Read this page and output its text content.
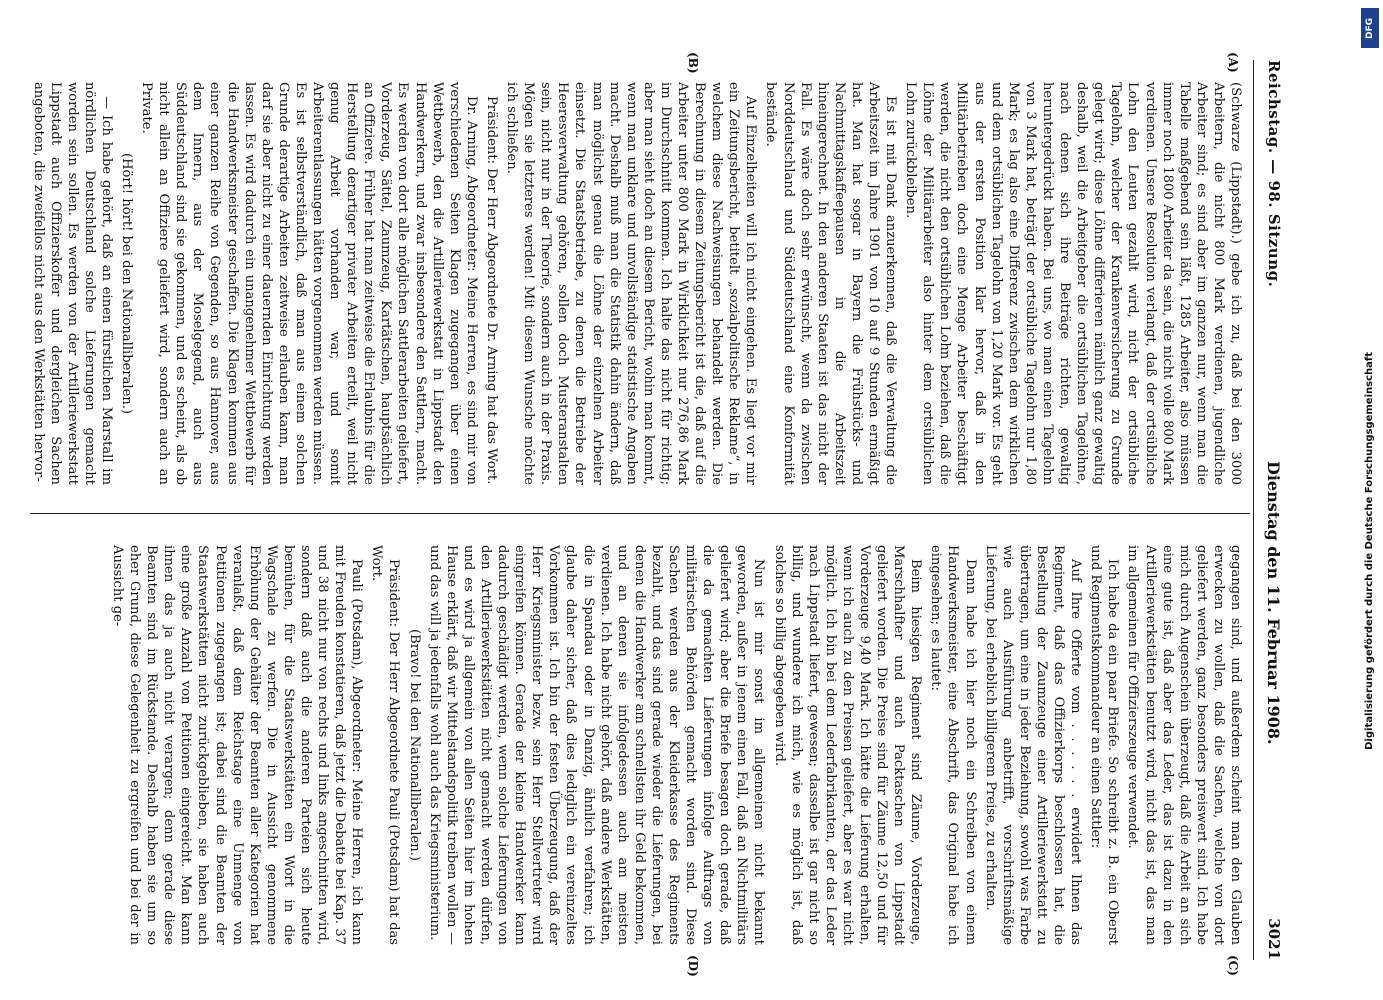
Reichstag. — 98. Sitzung.
Dienstag den 11. Februar 1908.
3021
(A)
(B)
(C)
(D)

(Schwarze (Lippstadt).) gebe ich zu, daß bei den 3000 Arbeitern, die nicht 800 Mark verdienen, jugendliche Arbeiter sind; es sind aber im ganzen nur, wenn man die Tabelle maßgebend sein läßt, 1285 Arbeiter, also müssen immer noch 1800 Arbeiter da sein, die nicht volle 800 Mark verdienen. Unsere Resolution verlangt, daß der ortsübliche Lohn den Leuten gezahlt wird, nicht der ortsübliche Tagelohn, welcher der Krankenversicherung zu Grunde gelegt wird; diese Löhne differieren nämlich ganz gewaltig deshalb, weil die Arbeitgeber die ortsüblichen Tagelöhne, nach denen sich ihre Beiträge richten, gewaltig heruntergedrückt haben. Bei uns, wo man einen Tagelohn von 3 Mark hat, beträgt der ortsübliche Tagelohn nur 1,80 Mark; es lag also eine Differenz zwischen dem wirklichen und dem ortsüblichen Tagelohn von 1,20 Mark vor. Es geht aus der ersten Position klar hervor, daß in den Militärbetrieben doch eine Menge Arbeiter beschäftigt werden, die nicht den ortsüblichen Lohn beziehen, daß die Löhne der Militärarbeiter also hinter dem ortsüblichen Lohn zurückbleiben.

Es ist mit Dank anzuerkennen, daß die Verwaltung die Arbeitszeit im Jahre 1901 von 10 auf 9 Stunden ermäßigt hat. Man hat sogar in Bayern die Frühstücks- und Nachmittagskaffeepausen in die Arbeitszeit hineingerechnet. In den anderen Staaten ist das nicht der Fall. Es wäre doch sehr erwünscht, wenn da zwischen Norddeutschland und Süddeutschland eine Konformität bestände.

Auf Einzelheiten will ich nicht eingehen. Es liegt vor mir ein Zeitungsbericht, betitelt „sozialpolitische Reklame“, in welchem diese Nachweisungen behandelt werden. Die Berechnung in diesem Zeitungsbericht ist die, daß auf die Arbeiter unter 800 Mark in Wirklichkeit nur 276,86 Mark im Durchschnitt kommen. Ich halte das nicht für richtig; aber man sieht doch an diesem Bericht, wohin man kommt, wenn man unklare und unvollständige statistische Angaben macht. Deshalb muß man die Statistik dahin ändern, daß man möglichst genau die Löhne der einzelnen Arbeiter einsetzt. Die Staatsbetriebe, zu denen die Betriebe der Heeresverwaltung gehören, sollen doch Musteranstalten sein, nicht nur in der Theorie, sondern auch in der Praxis. Mögen sie letzteres werden! Mit diesem Wunsche möchte ich schließen.

Präsident: Der Herr Abgeordnete Dr. Arning hat das Wort.

Dr. Arning, Abgeordneter: Meine Herren, es sind mir von verschiedenen Seiten Klagen zugegangen über einen Wettbewerb, den die Artilleriewerkstatt in Lippstadt den Handwerkern, und zwar insbesondere den Sattlern, macht. Es werden von dort alle möglichen Sattlerarbeiten geliefert, Vorderzeug, Sättel, Zaumzeug, Kartätschen, hauptsächlich an Offiziere. Früher hat man zeitweise die Erlaubnis für die Herstellung derartiger privater Arbeiten erteilt, weil nicht genug Arbeit vorhanden war, und somit Arbeiterentlassungen hätten vorgenommen werden müssen. Es ist selbstverständlich, daß man aus einem solchen Grunde derartige Arbeiten zeitweise erlauben kann, man darf sie aber nicht zu einer dauernden Einrichtung werden lassen. Es wird dadurch ein unangenehmer Wettbewerb für die Handwerksmeister geschaffen. Die Klagen kommen aus einer ganzen Reihe von Gegenden, so aus Hannover, aus dem Innern, aus der Moselgegend, auch aus Süddeutschland sind sie gekommen, und es scheint, als ob nicht allein an Offiziere geliefert wird, sondern auch an Private.

(Hört! hört! bei den Nationalliberalen.)

— Ich habe gehört, daß an einen fürstlichen Marstall im nördlichen Deutschland solche Lieferungen gemacht worden sein sollen. Es werden von der Artilleriewerkstatt Lippstadt auch Offizierskoffer und dergleichen Sachen angeboten, die zweifellos nicht aus den Werkstätten hervor-

gegangen sind, und außerdem scheint man den Glauben erwecken zu wollen, daß die Sachen, welche von dort geliefert werden, ganz besonders preiswert sind. Ich habe mich durch Augenschein überzeugt, daß die Arbeit an sich eine gute ist, daß aber das Leder, das ist dazu in den Artilleriewerkstätten benutzt wird, nicht das ist, das man im allgemeinen für Offizierszeuge verwendet.

Ich habe da ein paar Briefe. So schreibt z. B. ein Oberst und Regimentskommandeur an einen Sattler:

Auf Ihre Offerte vom . . . . . . erwidert Ihnen das Regiment, daß das Offizierkorps beschlossen hat, die Bestellung der Zaumzeuge einer Artilleriewerkstatt zu übertragen, um eine in jeder Beziehung, sowohl was Farbe wie auch Ausführung anbetrifft, vorschriftsmäßige Lieferung, bei erheblich billigerem Preise, zu erhalten.

Dann habe ich hier noch ein Schreiben von einem Handwerksmeister, eine Abschrift, das Original habe ich eingesehen; es lautet:

Beim hiesigen Regiment sind Zäume, Vorderzeuge, Marschhalfter und auch Packtaschen von Lippstadt geliefert worden. Die Preise sind für Zäume 12,50 und für Vorderzeuge 9,40 Mark. Ich hätte die Lieferung erhalten, wenn ich auch zu den Preisen geliefert, aber es war nicht möglich. Ich bin bei dem Lederfabrikanten, der das Leder nach Lippstadt liefert, gewesen; dasselbe ist gar nicht so billig, und wundere ich mich, wie es möglich ist, daß solches so billig abgegeben wird.

Nun ist mir sonst im allgemeinen nicht bekannt geworden, außer in jenem einen Fall, daß an Nichtmilitärs geliefert wird; aber die Briefe besagen doch gerade, daß die da gemachten Lieferungen infolge Auftrags von militärischen Behörden gemacht worden sind. Diese Sachen werden aus der Kleiderkasse des Regiments bezahlt, und das sind gerade wieder die Lieferungen, bei denen die Handwerker am schnellsten ihr Geld bekommen, und an denen sie infolgedessen auch am meisten verdienen. Ich habe nicht gehört, daß andere Werkstätten, die in Spandau oder in Danzig, ähnlich verfahren; ich glaube daher sicher, daß dies lediglich ein vereinzeltes Vorkommen ist. Ich bin der festen Überzeugung, daß der Herr Kriegsminister bezw. sein Herr Stellvertreter wird eingreifen können. Gerade der kleine Handwerker kann dadurch geschädigt werden, wenn solche Lieferungen von den Artilleriewerkstätten nicht gemacht werden dürfen, und es wird ja allgemein von allen Seiten hier im hohen Hause erklärt, daß wir Mittelstandspolitik treiben wollen — und das will ja jedenfalls wohl auch das Kriegsministerium.

(Bravo! bei den Nationalliberalen.)

Präsident: Der Herr Abgeordnete Pauli (Potsdam) hat das Wort.

Pauli (Potsdam), Abgeordneter: Meine Herren, ich kann mit Freuden konstatieren, daß jetzt die Debatte bei Kap. 37 und 38 nicht nur von rechts und links angeschnitten wird, sondern daß auch die anderen Parteien sich heute bemühen, für die Staatswerkstätten ein Wort in die Wagschale zu werfen. Die in Aussicht genommene Erhöhung der Gehälter der Beamten aller Kategorien hat veranlaßt, daß dem Reichstage eine Unmenge von Petitionen zugegangen ist; dabei sind die Beamten der Staatswerkstätten nicht zurückgeblieben, sie haben auch eine große Anzahl von Petitionen eingereicht. Man kann ihnen das ja auch nicht verargen; denn gerade diese Beamten sind im Rückstande. Deshalb haben sie um so eher Grund, diese Gelegenheit zu ergreifen und bei der in Aussicht ge-

DFG
Digitalisierung gefördert durch die Deutsche Forschungsgemeinschaft
